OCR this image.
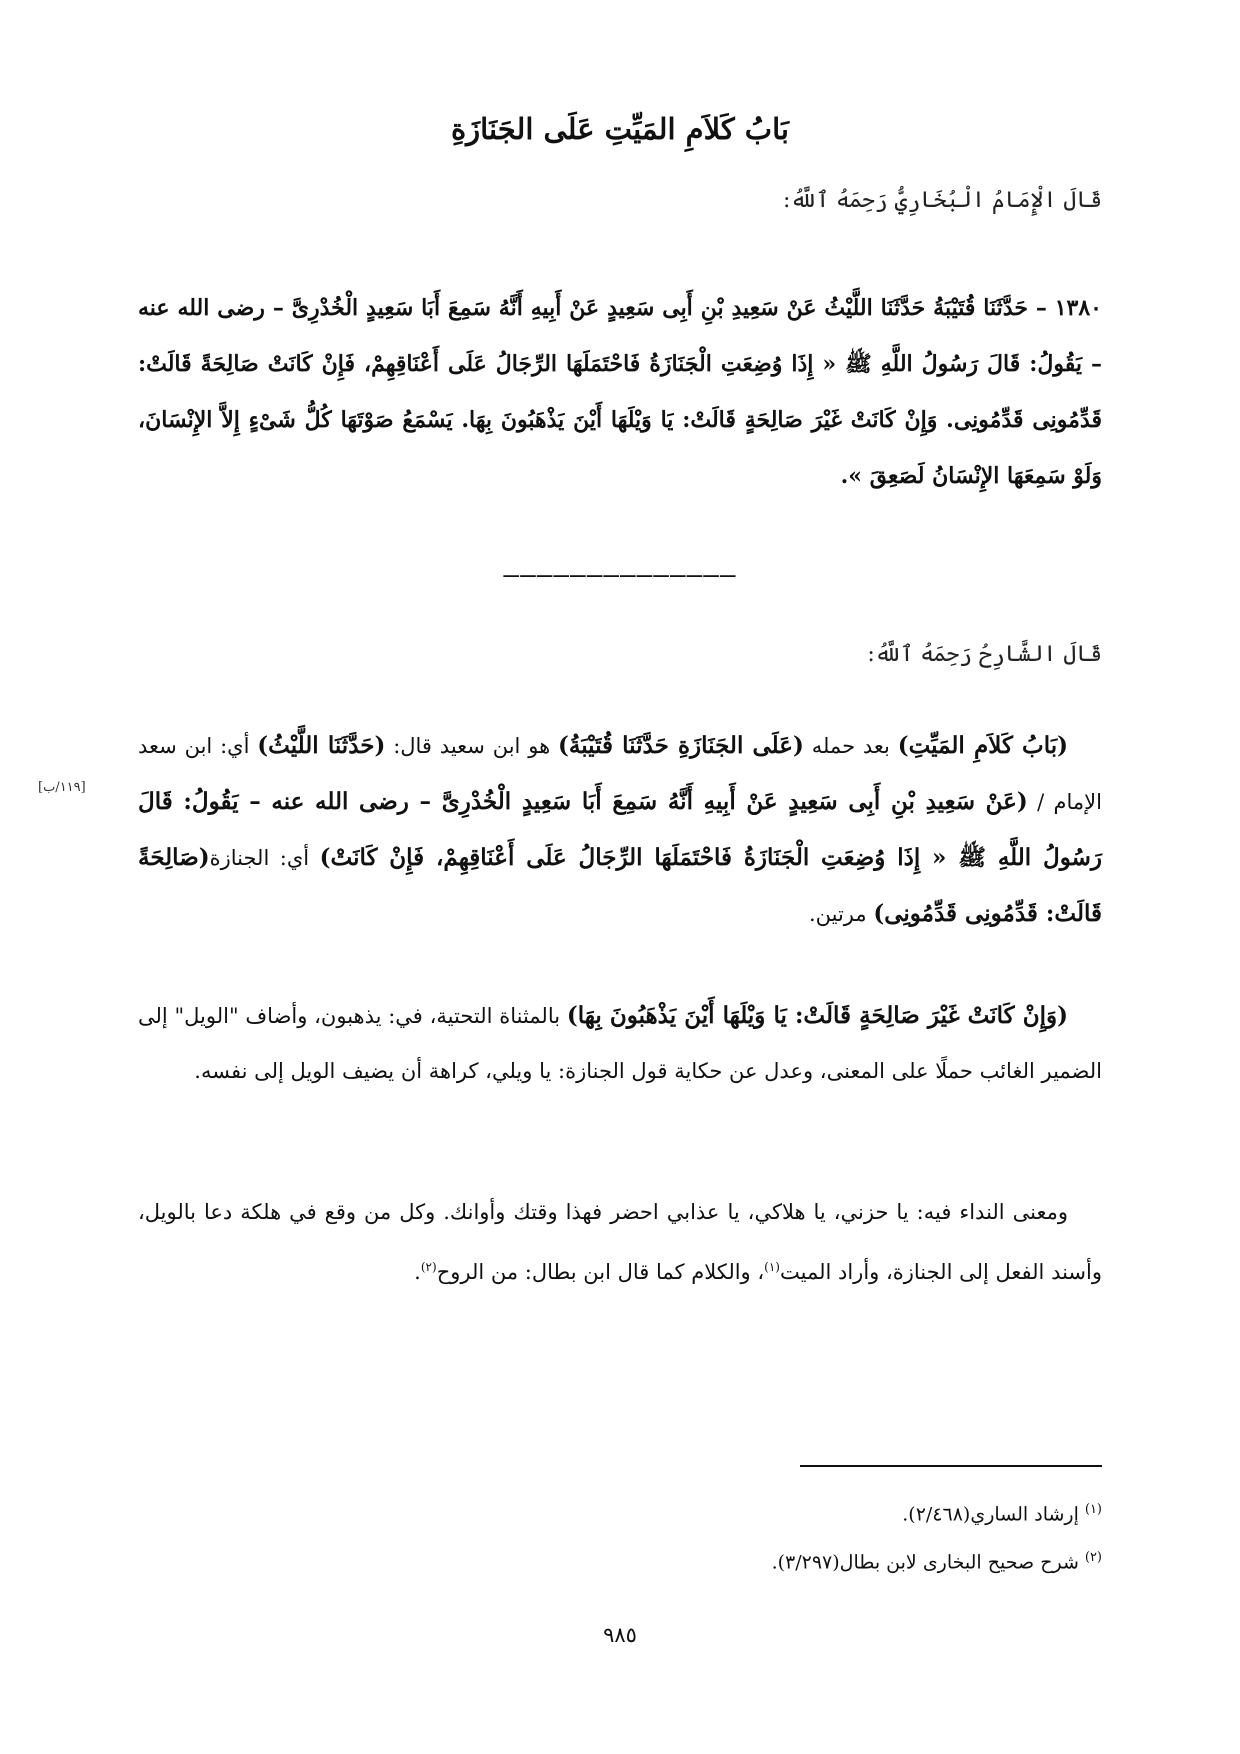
بَابُ كَلاَمِ المَيِّتِ عَلَى الجَنَازَةِ
قَالَ الْإِمَامُ الْبُخَارِيُّ رَحِمَهُ ٱللَّهُ:
١٣٨٠ – حَدَّثَنَا قُتَيْبَةُ حَدَّثَنَا اللَّيْثُ عَنْ سَعِيدِ بْنِ أَبِى سَعِيدٍ عَنْ أَبِيهِ أَنَّهُ سَمِعَ أَبَا سَعِيدٍ الْخُدْرِىَّ – رضى الله عنه – يَقُولُ: قَالَ رَسُولُ اللَّهِ ﷺ « إِذَا وُضِعَتِ الْجَنَازَةُ فَاحْتَمَلَهَا الرِّجَالُ عَلَى أَعْنَاقِهِمْ، فَإِنْ كَانَتْ صَالِحَةً قَالَتْ: قَدِّمُونِى قَدِّمُونِى. وَإِنْ كَانَتْ غَيْرَ صَالِحَةٍ قَالَتْ: يَا وَيْلَهَا أَيْنَ يَذْهَبُونَ بِهَا. يَسْمَعُ صَوْتَهَا كُلُّ شَىْءٍ إِلاَّ الإِنْسَانَ، وَلَوْ سَمِعَهَا الإِنْسَانُ لَصَعِقَ ».
——————————————
قَالَ الشَّارِحُ رَحِمَهُ ٱللَّهُ:
(بَابُ كَلاَمِ المَيِّتِ) بعد حمله (عَلَى الجَنَازَةِ حَدَّثَنَا قُتَيْبَةُ) هو ابن سعيد قال: (حَدَّثَنَا اللَّيْثُ) أي: ابن سعد الإمام / (عَنْ سَعِيدِ بْنِ أَبِى سَعِيدٍ عَنْ أَبِيهِ أَنَّهُ سَمِعَ أَبَا سَعِيدٍ الْخُدْرِىَّ – رضى الله عنه – يَقُولُ: قَالَ رَسُولُ اللَّهِ ﷺ « إِذَا وُضِعَتِ الْجَنَازَةُ فَاحْتَمَلَهَا الرِّجَالُ عَلَى أَعْنَاقِهِمْ، فَإِنْ كَانَتْ) أي: الجنازة(صَالِحَةً قَالَتْ: قَدِّمُونِى قَدِّمُونِى) مرتين.
[١١٩/ب]
(وَإِنْ كَانَتْ غَيْرَ صَالِحَةٍ قَالَتْ: يَا وَيْلَهَا أَيْنَ يَذْهَبُونَ بِهَا) بالمثناة التحتية، في: يذهبون، وأضاف "الويل" إلى الضمير الغائب حملًا على المعنى، وعدل عن حكاية قول الجنازة: يا ويلي، كراهة أن يضيف الويل إلى نفسه.
ومعنى النداء فيه: يا حزني، يا هلاكي، يا عذابي احضر فهذا وقتك وأوانك. وكل من وقع في هلكة دعا بالويل، وأسند الفعل إلى الجنازة، وأراد الميت$^{(١)}$، والكلام كما قال ابن بطال: من الروح$^{(٢)}$.
$^{(١)}$إرشاد الساري(٢/٤٦٨).
$^{(٢)}$شرح صحيح البخارى لابن بطال(٣/٢٩٧).
٩٨٥
